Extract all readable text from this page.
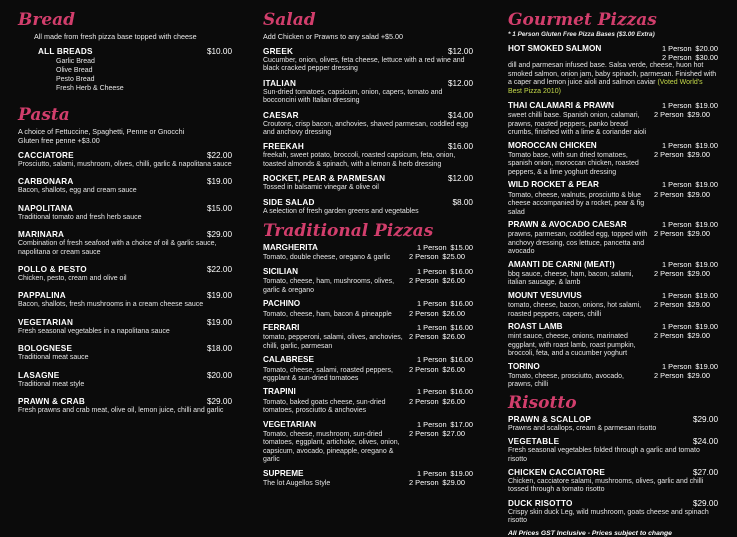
Bread
All made from fresh pizza base topped with cheese
ALL BREADS	$10.00
Garlic Bread
Olive Bread
Pesto Bread
Fresh Herb & Cheese
Pasta
A choice of Fettuccine, Spaghetti, Penne or Gnocchi Gluten free penne +$3.00
CACCIATORE	$22.00
Prosciutto, salami, mushroom, olives, chilli, garlic & napolitana sauce
CARBONARA	$19.00
Bacon, shallots, egg and cream sauce
NAPOLITANA	$15.00
Traditional tomato and fresh herb sauce
MARINARA	$29.00
Combination of fresh seafood with a choice of oil & garlic sauce, napolitana or cream sauce
POLLO & PESTO	$22.00
Chicken, pesto, cream and olive oil
PAPPALINA	$19.00
Bacon, shallots, fresh mushrooms in a cream cheese sauce
VEGETARIAN	$19.00
Fresh seasonal vegetables in a napolitana sauce
BOLOGNESE	$18.00
Traditional meat sauce
LASAGNE	$20.00
Traditional meat style
PRAWN & CRAB	$29.00
Fresh prawns and crab meat, olive oil, lemon juice, chilli and garlic
Salad
Add Chicken or Prawns to any salad +$5.00
GREEK	$12.00
Cucumber, onion, olives, feta cheese, lettuce with a red wine and black cracked pepper dressing
ITALIAN	$12.00
Sun-dried tomatoes, capsicum, onion, capers, tomato and bocconcini with Italian dressing
CAESAR	$14.00
Croutons, crisp bacon, anchovies, shaved parmesan, coddled egg and anchovy dressing
FREEKAH	$16.00
freekah, sweet potato, broccoli, roasted capsicum, feta, onion, toasted almonds & spinach, with a lemon & herb dressing
ROCKET, PEAR & PARMESAN	$12.00
Tossed in balsamic vinegar & olive oil
SIDE SALAD	$8.00
A selection of fresh garden greens and vegetables
Traditional Pizzas
MARGHERITA	1 Person $15.00
Tomato, double cheese, oregano & garlic	2 Person $25.00
SICILIAN	1 Person $16.00
Tomato, cheese, ham, mushrooms, olives, garlic & oregano
2 Person $26.00
PACHINO	1 Person $16.00
Tomato, cheese, ham, bacon & pineapple	2 Person $26.00
FERRARI	1 Person $16.00
tomato, pepperoni, salami, olives, anchovies, chilli, garlic, parmesan
2 Person $26.00
CALABRESE	1 Person $16.00
Tomato, cheese, salami, roasted peppers, eggplant & sun-dried tomatoes
2 Person $26.00
TRAPINI	1 Person $16.00
Tomato, baked goats cheese, sun-dried tomatoes, prosciutto & anchovies
2 Person $26.00
VEGETARIAN	1 Person $17.00
Tomato, cheese, mushroom, sun-dried tomatoes, eggplant, artichoke, olives, onion, capsicum, avocado, pineapple, oregano & garlic
2 Person $27.00
SUPREME	1 Person $19.00
The lot Augellos Style	2 Person $29.00
Gourmet Pizzas
* 1 Person Gluten Free Pizza Bases ($3.00 Extra)
HOT SMOKED SALMON	1 Person $20.00
2 Person $30.00
dill and parmesan infused base. Salsa verde, cheese, huon hot smoked salmon, onion jam, baby spinach, parmesan. Finished with a caper and lemon juice aioli and salmon caviar (Voted World's Best Pizza 2010)
THAI CALAMARI & PRAWN	1 Person $19.00
sweet chilli base. Spanish onion, calamari, prawns, roasted peppers, panko bread crumbs, finished with a lime & coriander aioli
2 Person $29.00
MOROCCAN CHICKEN	1 Person $19.00
Tomato base, with sun dried tomatoes, spanish onion, moroccan chicken, roasted peppers, & a lime yoghurt dressing
2 Person $29.00
WILD ROCKET & PEAR	1 Person $19.00
Tomato, cheese, walnuts, prosciutto & blue cheese accompanied by a rocket, pear & fig salad
2 Person $29.00
PRAWN & AVOCADO CAESAR	1 Person $19.00
prawns, parmesan, coddled egg, topped with anchovy dressing, cos lettuce, pancetta and avocado
2 Person $29.00
AMANTI DE CARNI (MEAT!)	1 Person $19.00
bbq sauce, cheese, ham, bacon, salami, italian sausage, & lamb
2 Person $29.00
MOUNT VESUVIUS	1 Person $19.00
tomato, cheese, bacon, onions, hot salami, roasted peppers, capers, chilli
2 Person $29.00
ROAST LAMB	1 Person $19.00
mint sauce, cheese, onions, marinated eggplant, with roast lamb, roast pumpkin, broccoli, feta, and a cucumber yoghurt
2 Person $29.00
TORINO	1 Person $19.00
Tomato, cheese, prosciutto, avocado, prawns, chilli
2 Person $29.00
Risotto
PRAWN & SCALLOP	$29.00
Prawns and scallops, cream & parmesan risotto
VEGETABLE	$24.00
Fresh seasonal vegetables folded through a garlic and tomato risotto
CHICKEN CACCIATORE	$27.00
Chicken, cacciatore salami, mushrooms, olives, garlic and chilli tossed through a tomato risotto
DUCK RISOTTO	$29.00
Crispy skin duck Leg, wild mushroom, goats cheese and spinach risotto
All Prices GST Inclusive - Prices subject to change
